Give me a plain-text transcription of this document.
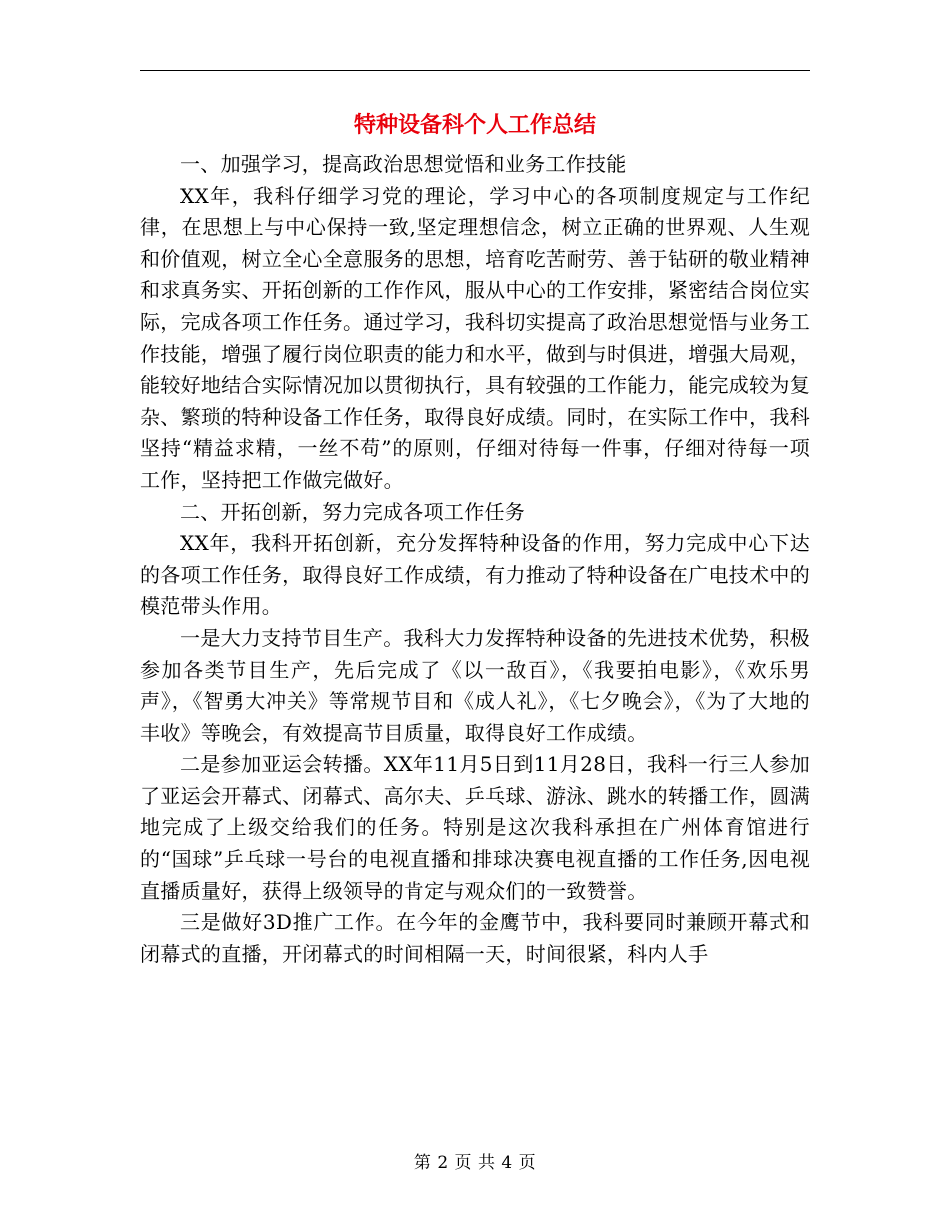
特种设备科个人工作总结

一、加强学习，提高政治思想觉悟和业务工作技能

XX年，我科仔细学习党的理论，学习中心的各项制度规定与工作纪律，在思想上与中心保持一致,坚定理想信念，树立正确的世界观、人生观和价值观，树立全心全意服务的思想，培育吃苦耐劳、善于钻研的敬业精神和求真务实、开拓创新的工作作风，服从中心的工作安排，紧密结合岗位实际，完成各项工作任务。通过学习，我科切实提高了政治思想觉悟与业务工作技能，增强了履行岗位职责的能力和水平，做到与时俱进，增强大局观，能较好地结合实际情况加以贯彻执行，具有较强的工作能力，能完成较为复杂、繁琐的特种设备工作任务，取得良好成绩。同时，在实际工作中，我科坚持“精益求精，一丝不苟”的原则，仔细对待每一件事，仔细对待每一项工作，坚持把工作做完做好。

二、开拓创新，努力完成各项工作任务

XX年，我科开拓创新，充分发挥特种设备的作用，努力完成中心下达的各项工作任务，取得良好工作成绩，有力推动了特种设备在广电技术中的模范带头作用。

一是大力支持节目生产。我科大力发挥特种设备的先进技术优势，积极参加各类节目生产，先后完成了《以一敌百》，《我要拍电影》，《欢乐男声》，《智勇大冲关》等常规节目和《成人礼》，《七夕晚会》，《为了大地的丰收》等晚会，有效提高节目质量，取得良好工作成绩。

二是参加亚运会转播。XX年11月5日到11月28日，我科一行三人参加了亚运会开幕式、闭幕式、高尔夫、乒乓球、游泳、跳水的转播工作，圆满地完成了上级交给我们的任务。特别是这次我科承担在广州体育馆进行的“国球”乒乓球一号台的电视直播和排球决赛电视直播的工作任务,因电视直播质量好，获得上级领导的肯定与观众们的一致赞誉。

三是做好3D推广工作。在今年的金鹰节中，我科要同时兼顾开幕式和闭幕式的直播，开闭幕式的时间相隔一天，时间很紧，科内人手

第 2 页 共 4 页
